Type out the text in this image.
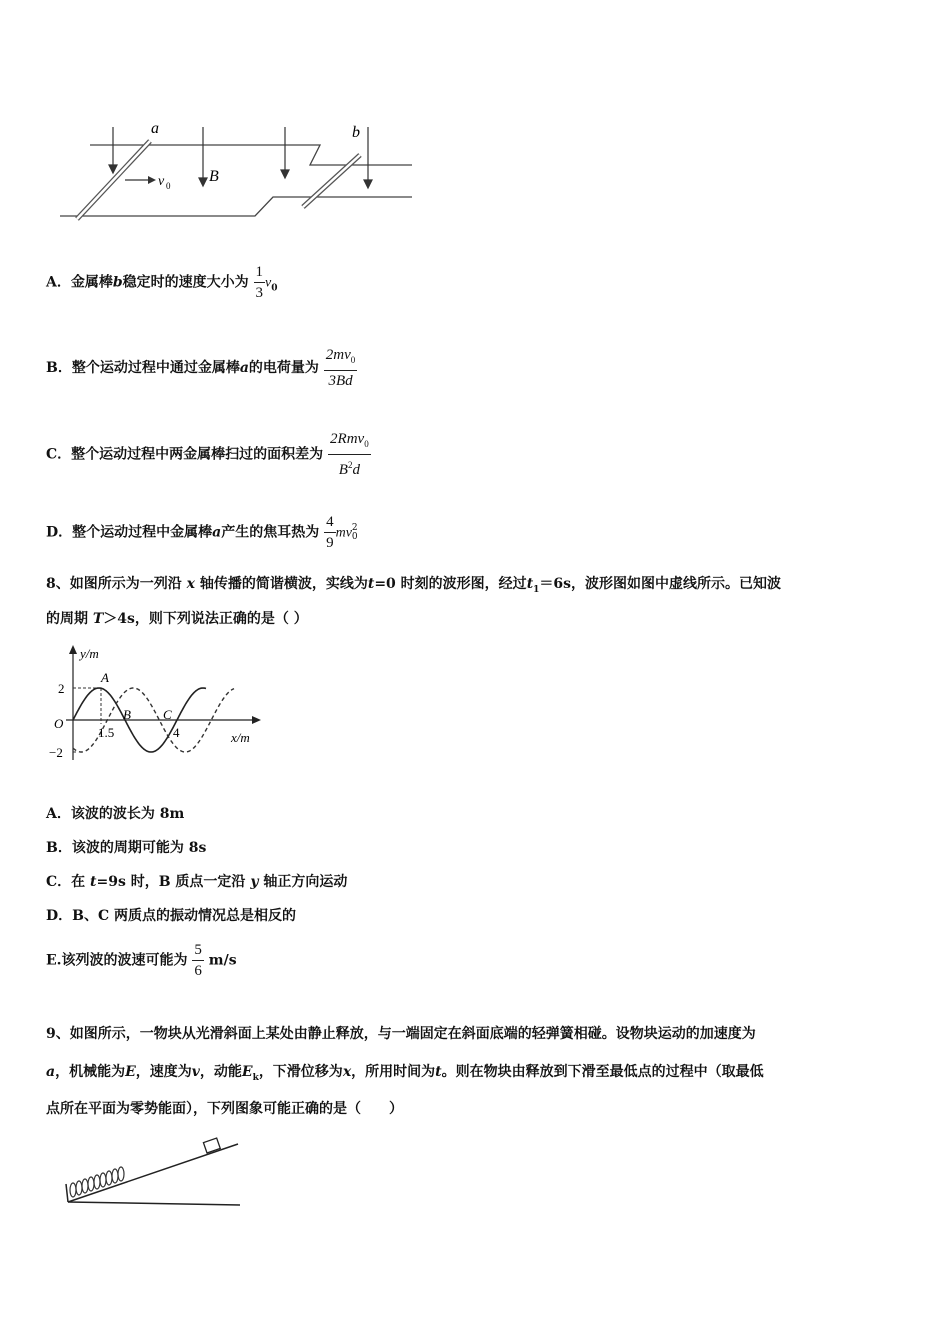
a	b
B
v 0
A．金属棒b稳定时的速度大小为 $\frac{1}{3} v_0$
B．整个运动过程中通过金属棒a的电荷量为 $\frac{2mv_0}{3Bd}$
C．整个运动过程中两金属棒扫过的面积差为 $\frac{2Rmv_0}{B^2d}$
D．整个运动过程中金属棒a产生的焦耳热为 $\frac{4}{9}$ mv 2
0
8、如图所示为一列沿 x 轴传播的简谐横波，实线为t=0 时刻的波形图，经过$t_1=6s$，波形图如图中虚线所示。已知波
的周期 T＞4s，则下列说法正确的是（ ）
y/m
x/m
O
2
−2
1.5	4
A
B C
A．该波的波长为 8m
B．该波的周期可能为 8s
C．在 t=9s 时，B 质点一定沿 y 轴正方向运动
D．B、C 两质点的振动情况总是相反的
E.该列波的波速可能为 $\frac{5}{6} m/s$
9、如图所示，一物块从光滑斜面上某处由静止释放，与一端固定在斜面底端的轻弹簧相碰。设物块运动的加速度为
a，机械能为E，速度为v，动能$E_k$，下滑位移为x，所用时间为t。则在物块由释放到下滑至最低点的过程中（取最低
点所在平面为零势能面），下列图象可能正确的是（　　）
